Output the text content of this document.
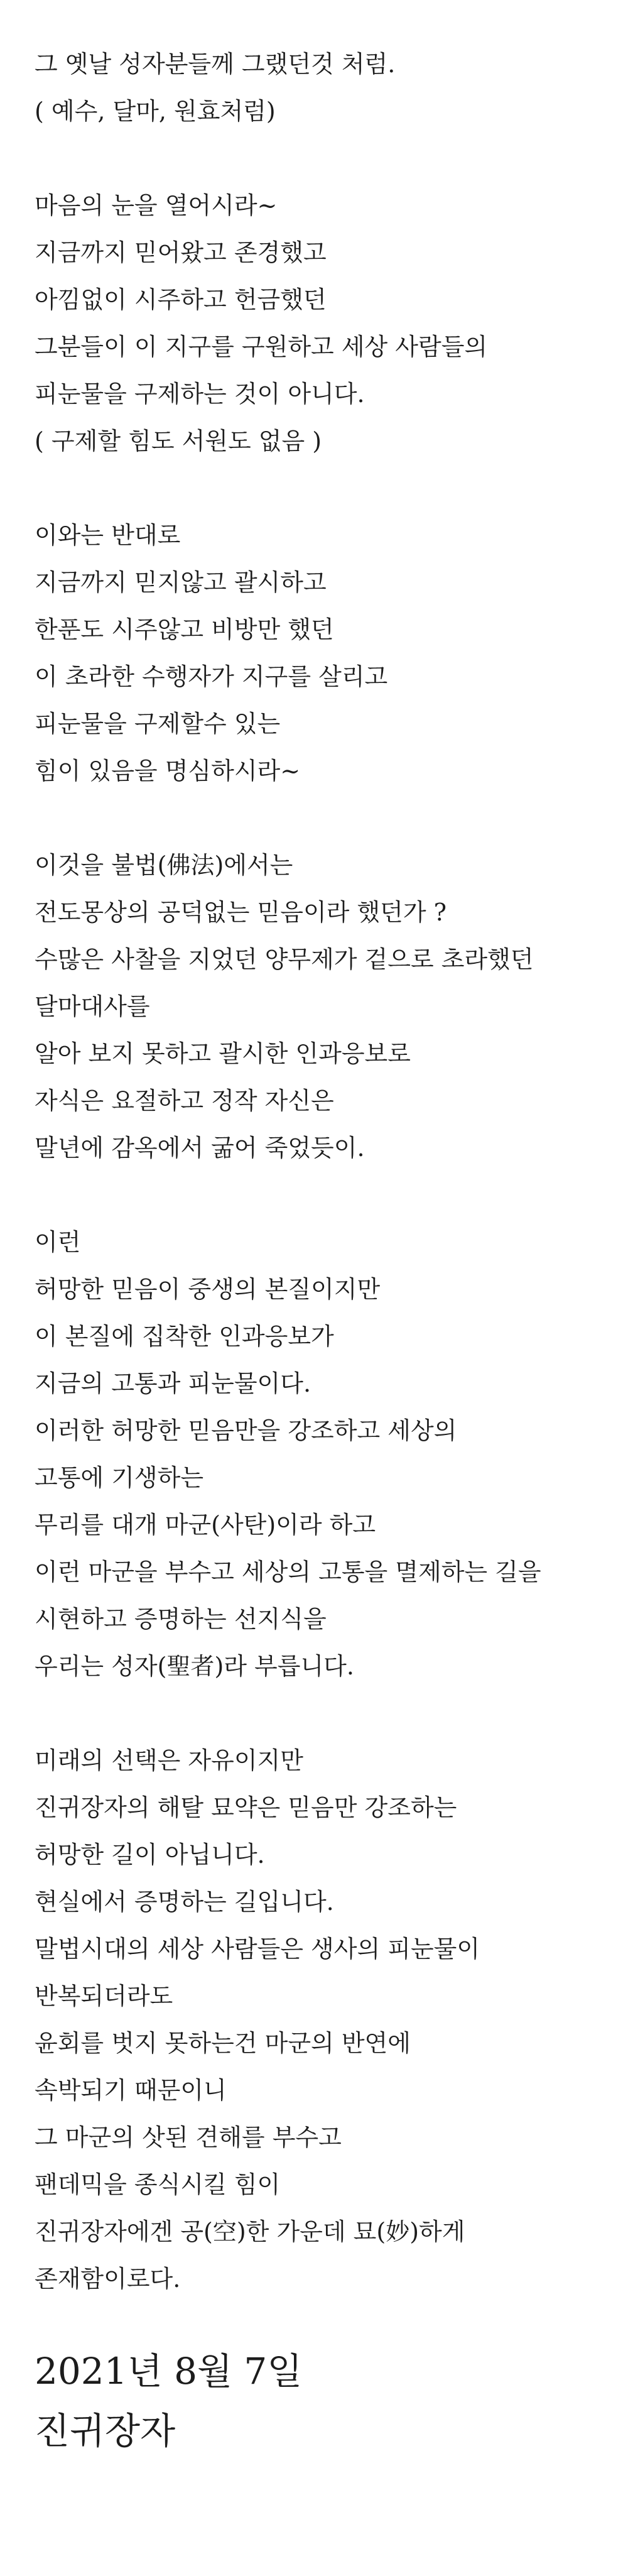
그 옛날 성자분들께 그랬던것 처럼.
( 예수, 달마, 원효처럼)
마음의 눈을 열어시라~
지금까지 믿어왔고 존경했고
아낌없이 시주하고 헌금했던
그분들이 이 지구를 구원하고 세상 사람들의
피눈물을 구제하는 것이 아니다.
( 구제할 힘도 서원도 없음 )
이와는 반대로
지금까지 믿지않고 괄시하고
한푼도 시주않고 비방만 했던
이 초라한 수행자가 지구를 살리고
피눈물을 구제할수 있는
힘이 있음을 명심하시라~
이것을 불법(佛法)에서는
전도몽상의 공덕없는 믿음이라 했던가 ?
수많은 사찰을 지었던 양무제가 겉으로 초라했던
달마대사를
알아 보지 못하고 괄시한 인과응보로
자식은 요절하고 정작 자신은
말년에 감옥에서 굶어 죽었듯이.
이런
허망한 믿음이 중생의 본질이지만
이 본질에 집착한 인과응보가
지금의 고통과 피눈물이다.
이러한 허망한 믿음만을 강조하고 세상의
고통에 기생하는
무리를 대개 마군(사탄)이라 하고
이런 마군을 부수고 세상의 고통을 멸제하는 길을
시현하고 증명하는 선지식을
우리는 성자(聖者)라 부릅니다.
미래의 선택은 자유이지만
진귀장자의 해탈 묘약은 믿음만 강조하는
허망한 길이 아닙니다.
현실에서 증명하는 길입니다.
말법시대의 세상 사람들은 생사의 피눈물이
반복되더라도
윤회를 벗지 못하는건 마군의 반연에
속박되기 때문이니
그 마군의 삿된 견해를 부수고
팬데믹을 종식시킬 힘이
진귀장자에겐 공(空)한 가운데 묘(妙)하게
존재함이로다.
2021년 8월 7일
진귀장자
